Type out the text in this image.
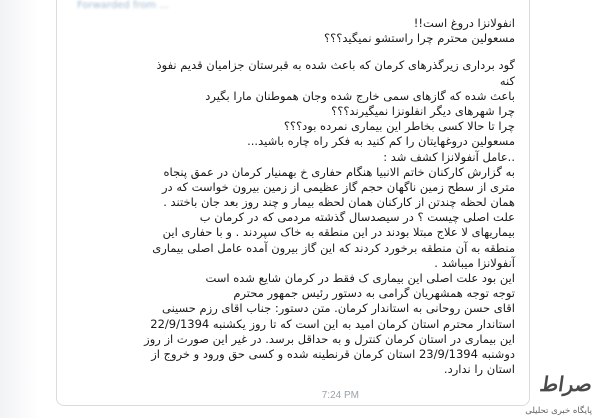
Forwarded from ...
انفولانزا دروغ است!!
مسعولین محترم چرا راستشو نمیگید؟؟؟
گود برداری زیرگذرهای کرمان که باعث شده به قبرستان جزامیان قدیم نفوذ
کنه
باعث شده که گازهای سمی خارج شده وجان هموطنان مارا بگیرد
چرا شهرهای دیگر انفلونزا نمیگیرند؟؟؟
چرا تا حالا کسی بخاطر این بیماری نمرده بود؟؟؟
مسعولین دروغهایتان را کم کنید به فکر راه چاره باشید...
..عامل آنفولانزا کشف شد :
به گزارش کارکنان خاتم الانبیا هنگام حفاری خ بهمنیار کرمان در عمق پنجاه
متری از سطح زمین ناگهان حجم گاز عظیمی از زمین بیرون خواست که در
همان لحظه چندتن از کارکنان همان لحظه بیمار و چند روز بعد جان باختند .
علت اصلی چیست ؟ در سیصدسال گذشته مردمی که در کرمان ب
بیماریهای لا علاج مبتلا بودند در این منطقه به خاک سپردند . و با حفاری این
منطقه به آن منطقه برخورد کردند که این گاز بیرون آمده عامل اصلی بیماری
آنفولانزا میباشد .
این بود علت اصلی این بیماری ک فقط در کرمان شایع شده است
توجه توجه همشهریان گرامی به دستور رئیس جمهور محترم
اقای حسن روحانی به استاندار کرمان. متن دستور: جناب اقای رزم حسینی
استاندار محترم استان کرمان امید به این است که تا روز یکشنبه 22/9/1394
این بیماری در استان کرمان کنترل و به حداقل برسد. در غیر این صورت از روز
دوشنبه 23/9/1394 استان کرمان قرنطینه شده و کسی حق ورود و خروج از
استان را ندارد.
7:24 PM	صراط
پایگاه خبری تحلیلی
